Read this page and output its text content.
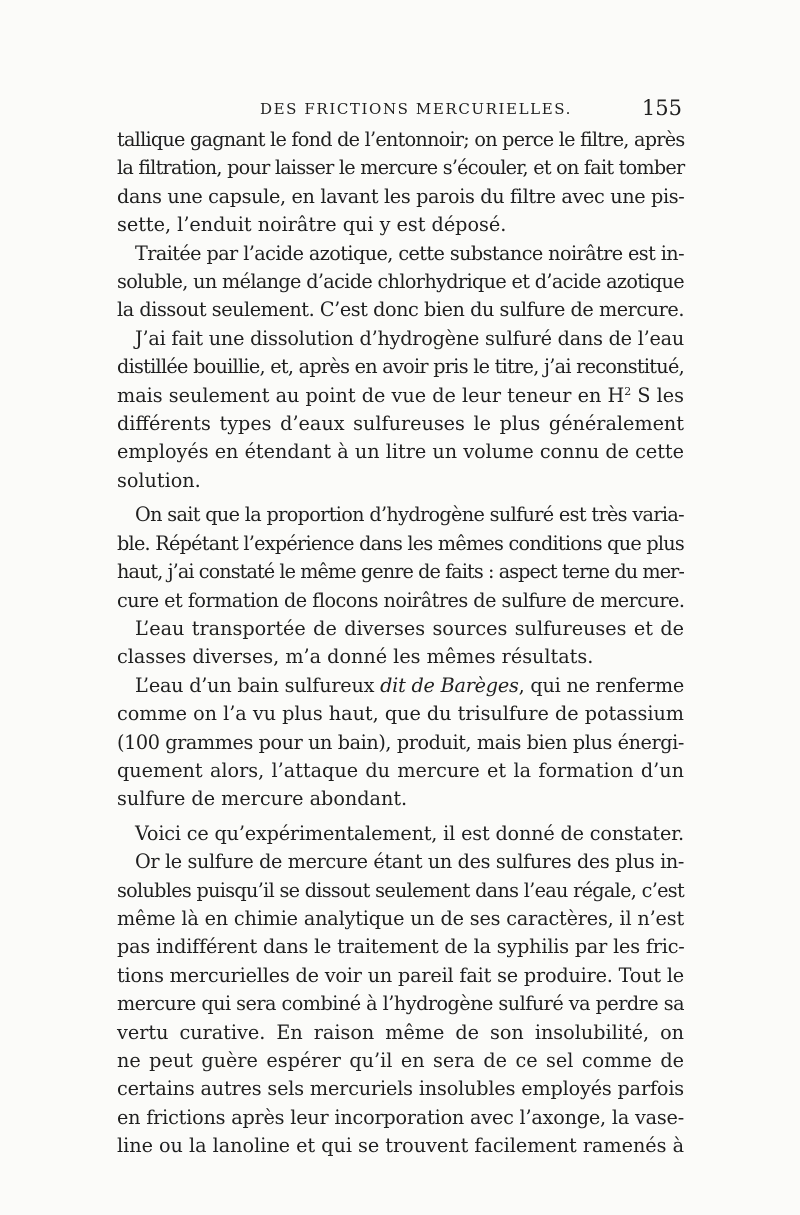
DES FRICTIONS MERCURIELLES.	155

tallique gagnant le fond de l’entonnoir; on perce le filtre, après
la filtration, pour laisser le mercure s’écouler, et on fait tomber
dans une capsule, en lavant les parois du filtre avec une pis-
sette, l’enduit noirâtre qui y est déposé.

Traitée par l’acide azotique, cette substance noirâtre est in-
soluble, un mélange d’acide chlorhydrique et d’acide azotique
la dissout seulement. C’est donc bien du sulfure de mercure.

J’ai fait une dissolution d’hydrogène sulfuré dans de l’eau
distillée bouillie, et, après en avoir pris le titre, j’ai reconstitué,
mais seulement au point de vue de leur teneur en $H^2$ S les
différents types d’eaux sulfureuses le plus généralement
employés en étendant à un litre un volume connu de cette
solution.

On sait que la proportion d’hydrogène sulfuré est très varia-
ble. Répétant l’expérience dans les mêmes conditions que plus
haut, j’ai constaté le même genre de faits : aspect terne du mer-
cure et formation de flocons noirâtres de sulfure de mercure.

L’eau transportée de diverses sources sulfureuses et de
classes diverses, m’a donné les mêmes résultats.

L’eau d’un bain sulfureux dit de Barèges, qui ne renferme
comme on l’a vu plus haut, que du trisulfure de potassium
(100 grammes pour un bain), produit, mais bien plus énergi-
quement alors, l’attaque du mercure et la formation d’un
sulfure de mercure abondant.

Voici ce qu’expérimentalement, il est donné de constater.

Or le sulfure de mercure étant un des sulfures des plus in-
solubles puisqu’il se dissout seulement dans l’eau régale, c’est
même là en chimie analytique un de ses caractères, il n’est
pas indifférent dans le traitement de la syphilis par les fric-
tions mercurielles de voir un pareil fait se produire. Tout le
mercure qui sera combiné à l’hydrogène sulfuré va perdre sa
vertu curative. En raison même de son insolubilité, on
ne peut guère espérer qu’il en sera de ce sel comme de
certains autres sels mercuriels insolubles employés parfois
en frictions après leur incorporation avec l’axonge, la vase-
line ou la lanoline et qui se trouvent facilement ramenés à
